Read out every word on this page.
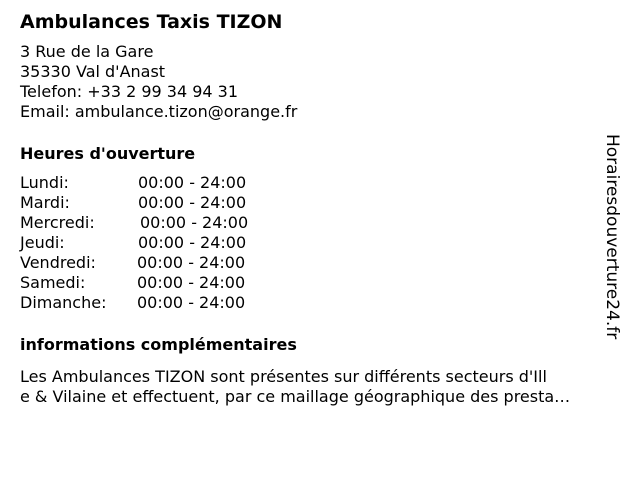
Ambulances Taxis TIZON
3 Rue de la Gare
35330 Val d'Anast
Telefon: +33 2 99 34 94 31
Email: ambulance.tizon@orange.fr
Heures d'ouverture
Lundi:	00:00 - 24:00
Mardi:	00:00 - 24:00
Mercredi:	00:00 - 24:00
Jeudi:	00:00 - 24:00
Vendredi:	00:00 - 24:00
Samedi:	00:00 - 24:00
Dimanche:	00:00 - 24:00
informations complémentaires
Les Ambulances TIZON sont présentes sur différents secteurs d'Ill
e & Vilaine et effectuent, par ce maillage géographique des presta…
Horairesdouverture24.fr
